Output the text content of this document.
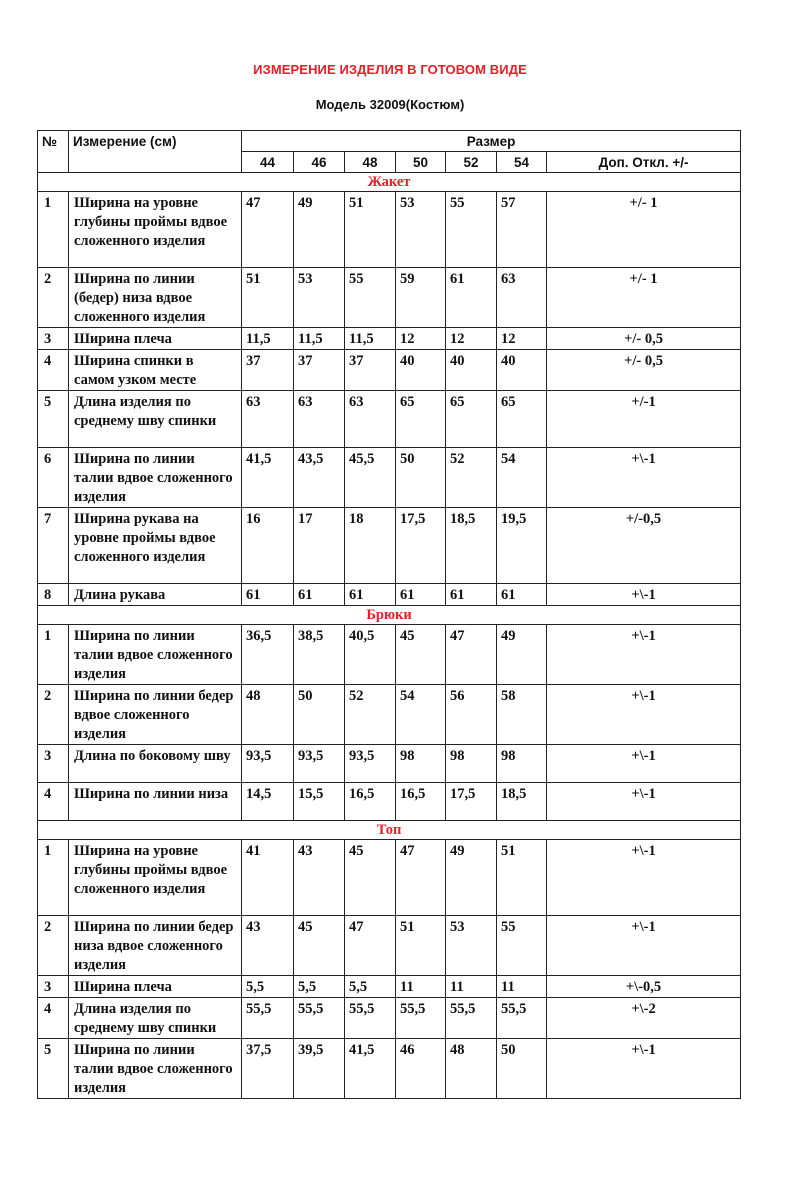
ИЗМЕРЕНИЕ ИЗДЕЛИЯ В ГОТОВОМ ВИДЕ
Модель 32009(Костюм)
№	Измерение (см)	Размер						
		44	46	48	50	52	54	Доп. Откл. +/-
Жакет								
1	Ширина на уровне глубины проймы вдвое сложенного изделия	47	49	51	53	55	57	+/- 1
2	Ширина по линии (бедер) низа вдвое сложенного изделия	51	53	55	59	61	63	+/- 1
3	Ширина плеча	11,5	11,5	11,5	12	12	12	+/- 0,5
4	Ширина спинки в самом узком месте	37	37	37	40	40	40	+/- 0,5
5	Длина изделия по среднему шву спинки	63	63	63	65	65	65	+/-1
6	Ширина по линии талии вдвое сложенного изделия	41,5	43,5	45,5	50	52	54	+\-1
7	Ширина рукава на уровне проймы вдвое сложенного изделия	16	17	18	17,5	18,5	19,5	+/-0,5
8	Длина рукава	61	61	61	61	61	61	+\-1
Брюки								
1	Ширина по линии талии вдвое сложенного изделия	36,5	38,5	40,5	45	47	49	+\-1
2	Ширина по линии бедер вдвое сложенного изделия	48	50	52	54	56	58	+\-1
3	Длина по боковому шву	93,5	93,5	93,5	98	98	98	+\-1
4	Ширина по линии низа	14,5	15,5	16,5	16,5	17,5	18,5	+\-1
Топ								
1	Ширина на уровне глубины проймы вдвое сложенного изделия	41	43	45	47	49	51	+\-1
2	Ширина по линии бедер низа вдвое сложенного изделия	43	45	47	51	53	55	+\-1
3	Ширина плеча	5,5	5,5	5,5	11	11	11	+\-0,5
4	Длина изделия по среднему шву спинки	55,5	55,5	55,5	55,5	55,5	55,5	+\-2
5	Ширина по линии талии вдвое сложенного изделия	37,5	39,5	41,5	46	48	50	+\-1
